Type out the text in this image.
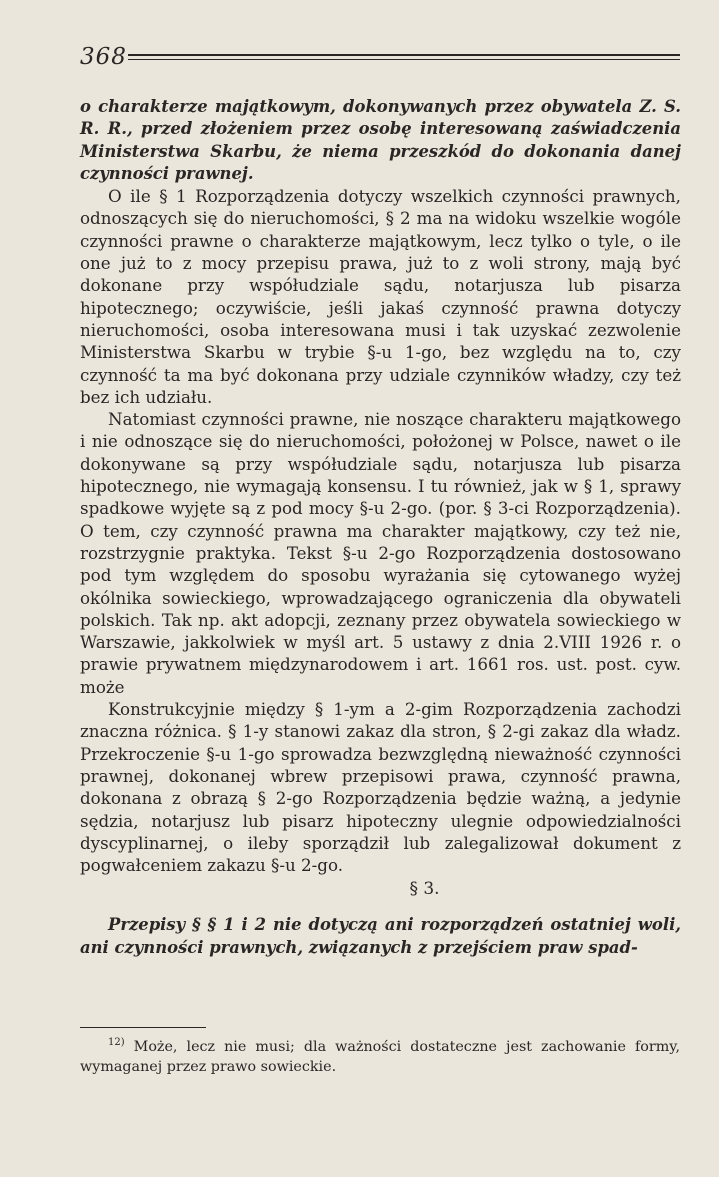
368

o charakterze majątkowym, dokonywanych przez obywatela Z. S. R. R., przed złożeniem przez osobę interesowaną zaświadczenia Ministerstwa Skarbu, że niema przeszkód do dokonania danej czynności prawnej.

O ile § 1 Rozporządzenia dotyczy wszelkich czynności prawnych, odnoszących się do nieruchomości, § 2 ma na widoku wszelkie wogóle czynności prawne o charakterze majątkowym, lecz tylko o tyle, o ile one już to z mocy przepisu prawa, już to z woli strony, mają być dokonane przy współudziale sądu, notarjusza lub pisarza hipotecznego; oczywiście, jeśli jakaś czynność prawna dotyczy nieruchomości, osoba interesowana musi i tak uzyskać zezwolenie Ministerstwa Skarbu w trybie §-u 1-go, bez względu na to, czy czynność ta ma być dokonana przy udziale czynników władzy, czy też bez ich udziału.

Natomiast czynności prawne, nie noszące charakteru majątkowego i nie odnoszące się do nieruchomości, położonej w Polsce, nawet o ile dokonywane są przy współudziale sądu, notarjusza lub pisarza hipotecznego, nie wymagają konsensu. I tu również, jak w § 1, sprawy spadkowe wyjęte są z pod mocy §-u 2-go. (por. § 3-ci Rozporządzenia). O tem, czy czynność prawna ma charakter majątkowy, czy też nie, rozstrzygnie praktyka. Tekst §-u 2-go Rozporządzenia dostosowano pod tym względem do sposobu wyrażania się cytowanego wyżej okólnika sowieckiego, wprowadzającego ograniczenia dla obywateli polskich. Tak np. akt adopcji, zeznany przez obywatela sowieckiego w Warszawie, jakkolwiek w myśl art. 5 ustawy z dnia 2.VIII 1926 r. o prawie prywatnem międzynarodowem i art. 1661 ros. ust. post. cyw. może

Konstrukcyjnie między § 1-ym a 2-gim Rozporządzenia zachodzi znaczna różnica. § 1-y stanowi zakaz dla stron, § 2-gi zakaz dla władz. Przekroczenie §-u 1-go sprowadza bezwzględną nieważność czynności prawnej, dokonanej wbrew przepisowi prawa, czynność prawna, dokonana z obrazą § 2-go Rozporządzenia będzie ważną, a jedynie sędzia, notarjusz lub pisarz hipoteczny ulegnie odpowiedzialności dyscyplinarnej, o ileby sporządził lub zalegalizował dokument z pogwałceniem zakazu §-u 2-go.

§ 3.

Przepisy § § 1 i 2 nie dotyczą ani rozporządzeń ostatniej woli, ani czynności prawnych, związanych z przejściem praw spad-

$^{12)}$ Może, lecz nie musi; dla ważności dostateczne jest zachowanie formy, wymaganej przez prawo sowieckie.
